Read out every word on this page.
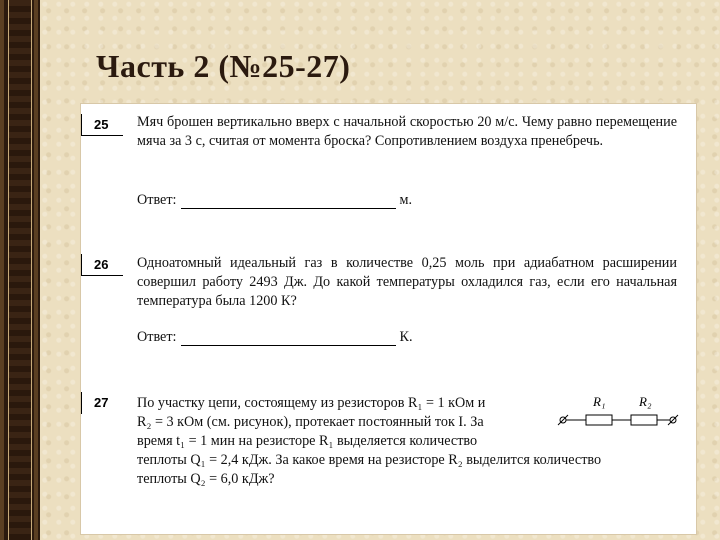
Часть 2 (№25-27)
25	Мяч брошен вертикально вверх с начальной скоростью 20 м/с. Чему равно перемещение мяча за 3 с, считая от момента броска? Сопротивлением воздуха пренебречь.
Ответ:	м.
26	Одноатомный идеальный газ в количестве 0,25 моль при адиабатном расширении совершил работу 2493 Дж. До какой температуры охладился газ, если его начальная температура была 1200 К?
Ответ:	К.
27	По участку цепи, состоящему из резисторов R₁ = 1 кОм и
R₂ = 3 кОм (см. рисунок), протекает постоянный ток I. За
время t₁ = 1 мин на резисторе R₁ выделяется количество
теплоты Q₁ = 2,4 кДж. За какое время на резисторе R₂ выделится количество
теплоты Q₂ = 6,0 кДж?
R₁	R₂
